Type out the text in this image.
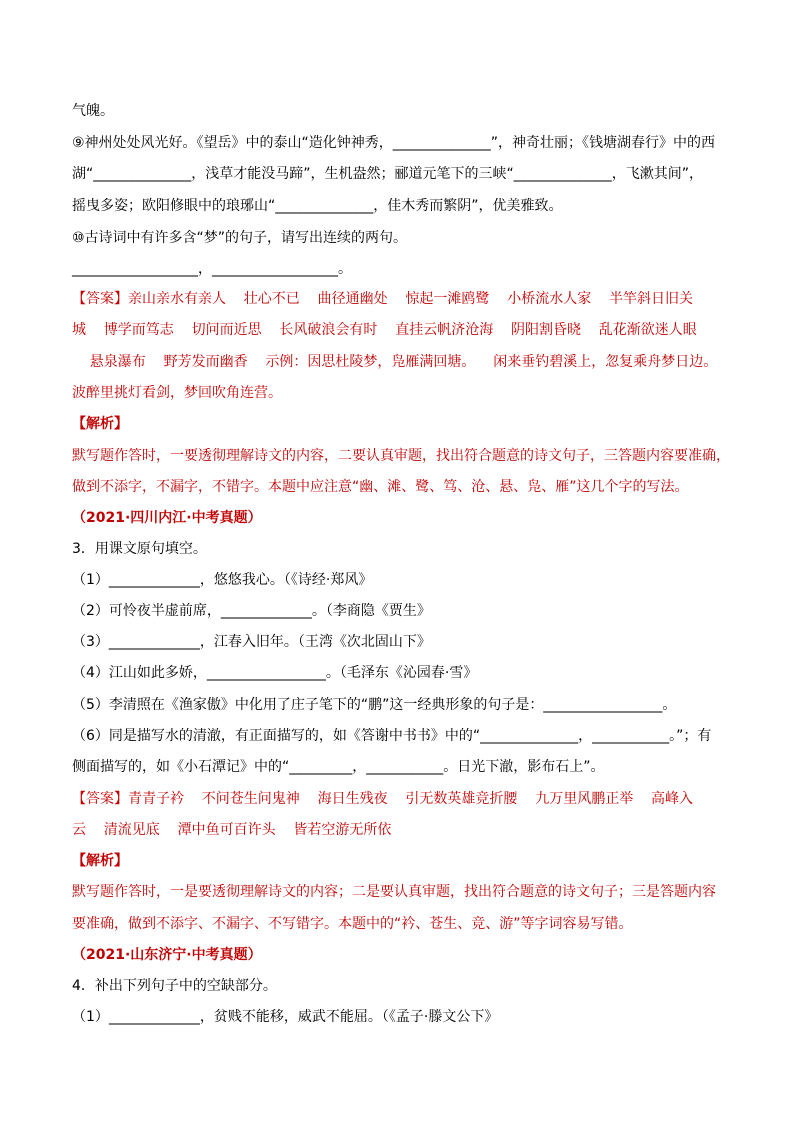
气魄。
⑨神州处处风光好。《望岳》中的泰山“造化钟神秀，______________”，神奇壮丽；《钱塘湖春行》中的西
湖“______________，浅草才能没马蹄”，生机盎然；郦道元笔下的三峡“______________，飞漱其间”，
摇曳多姿；欧阳修眼中的琅琊山“______________，佳木秀而繁阴”，优美雅致。
⑩古诗词中有许多含“梦”的句子，请写出连续的两句。
__________________，__________________。
【答案】亲山亲水有亲人    壮心不已    曲径通幽处    惊起一滩鸥鹭    小桥流水人家    半竿斜日旧关
城    博学而笃志    切问而近思    长风破浪会有时    直挂云帆济沧海    阴阳割昏晓    乱花渐欲迷人眼
悬泉瀑布    野芳发而幽香    示例：因思杜陵梦，凫雁满回塘。    闲来垂钓碧溪上，忽复乘舟梦日边。
波醉里挑灯看剑，梦回吹角连营。
【解析】
默写题作答时，一要透彻理解诗文的内容，二要认真审题，找出符合题意的诗文句子，三答题内容要准确，
做到不添字，不漏字，不错字。本题中应注意“幽、滩、鹭、笃、沧、悬、凫、雁”这几个字的写法。
（2021·四川内江·中考真题）
3．用课文原句填空。
（1）_____________，悠悠我心。（《诗经·郑风》
（2）可怜夜半虚前席，_____________。（李商隐《贾生》
（3）_____________，江春入旧年。（王湾《次北固山下》
（4）江山如此多娇，_________________。（毛泽东《沁园春·雪》
（5）李清照在《渔家傲》中化用了庄子笔下的“鹏”这一经典形象的句子是：_________________。
（6）同是描写水的清澈，有正面描写的，如《答谢中书书》中的“______________，___________。”；有
侧面描写的，如《小石潭记》中的“_________，___________。日光下澈，影布石上”。
【答案】青青子衿    不问苍生问鬼神    海日生残夜    引无数英雄竞折腰    九万里风鹏正举    高峰入
云    清流见底    潭中鱼可百许头    皆若空游无所依
【解析】
默写题作答时，一是要透彻理解诗文的内容；二是要认真审题，找出符合题意的诗文句子；三是答题内容
要准确，做到不添字、不漏字、不写错字。本题中的“衿、苍生、竞、游”等字词容易写错。
（2021·山东济宁·中考真题）
4．补出下列句子中的空缺部分。
（1）_____________，贫贱不能移，威武不能屈。（《孟子·滕文公下》
